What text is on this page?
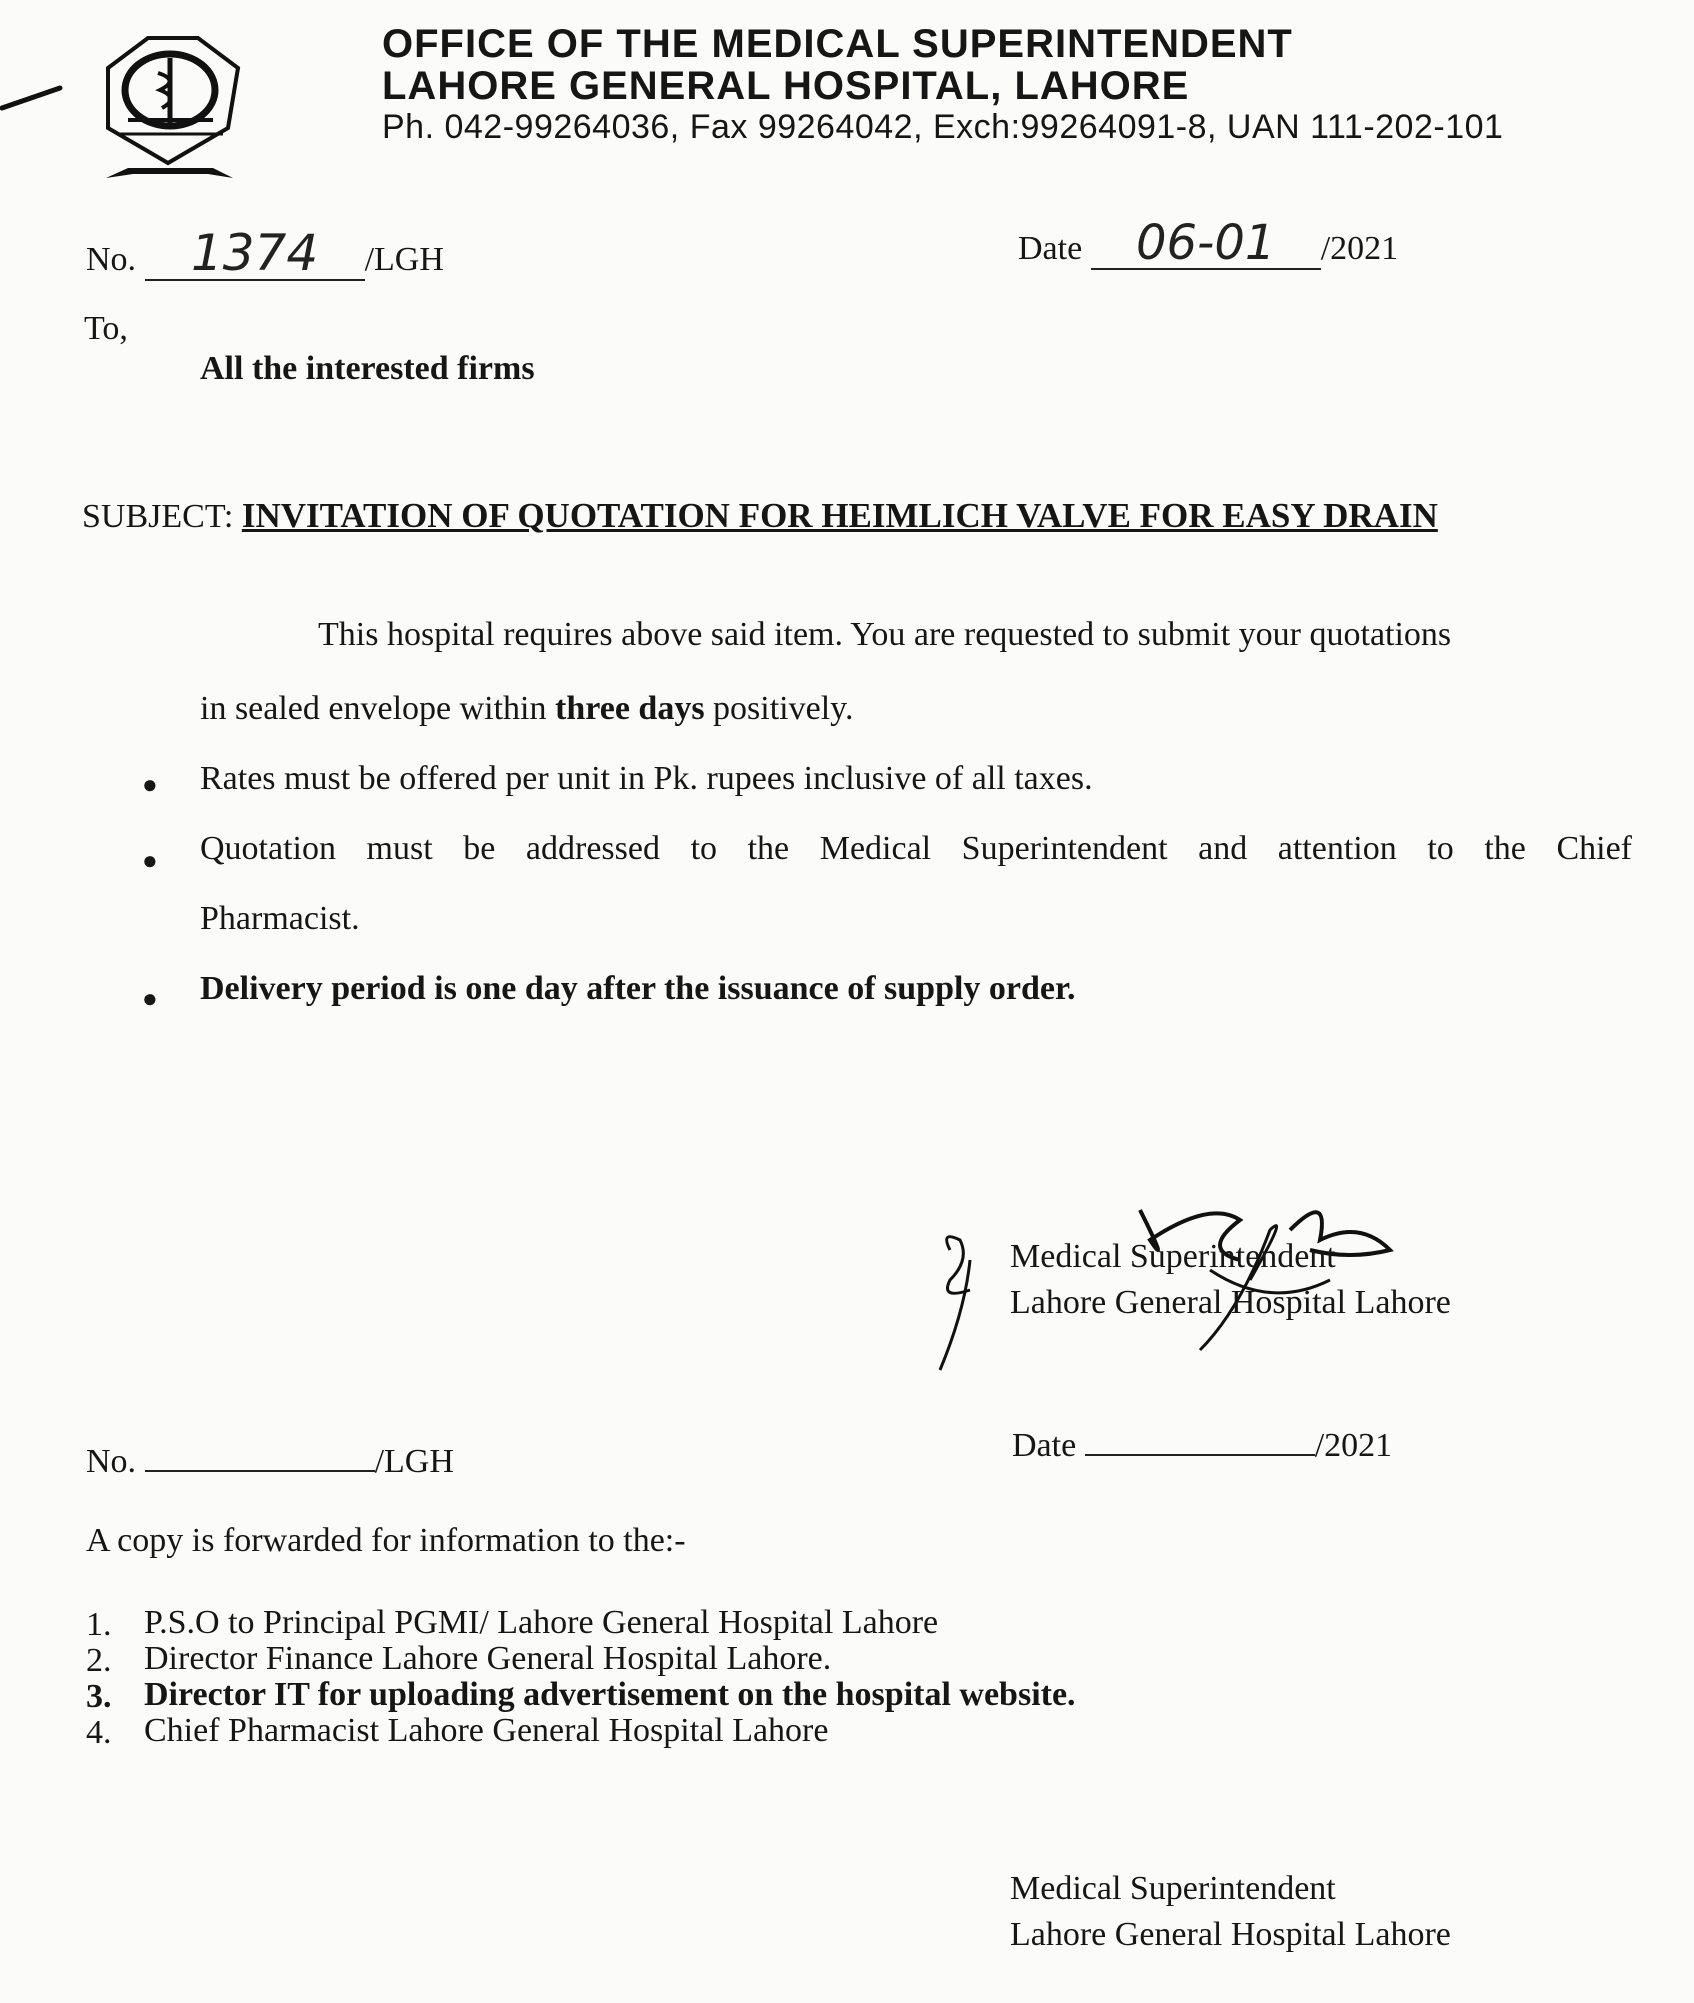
OFFICE OF THE MEDICAL SUPERINTENDENT
LAHORE GENERAL HOSPITAL, LAHORE
Ph. 042-99264036, Fax 99264042, Exch:99264091-8, UAN 111-202-101
No. 1374 /LGH	Date 06-01 /2021
To,
All the interested firms
SUBJECT: INVITATION OF QUOTATION FOR HEIMLICH VALVE FOR EASY DRAIN
This hospital requires above said item. You are requested to submit your quotations
in sealed envelope within three days positively.
● Rates must be offered per unit in Pk. rupees inclusive of all taxes.
● Quotation must be addressed to the Medical Superintendent and attention to the Chief
Pharmacist.
● Delivery period is one day after the issuance of supply order.
Medical Superintendent
Lahore General Hospital Lahore
No.	/LGH	Date	/2021
A copy is forwarded for information to the:-
1. P.S.O to Principal PGMI/ Lahore General Hospital Lahore
2. Director Finance Lahore General Hospital Lahore.
3. Director IT for uploading advertisement on the hospital website.
4. Chief Pharmacist Lahore General Hospital Lahore
Medical Superintendent
Lahore General Hospital Lahore
